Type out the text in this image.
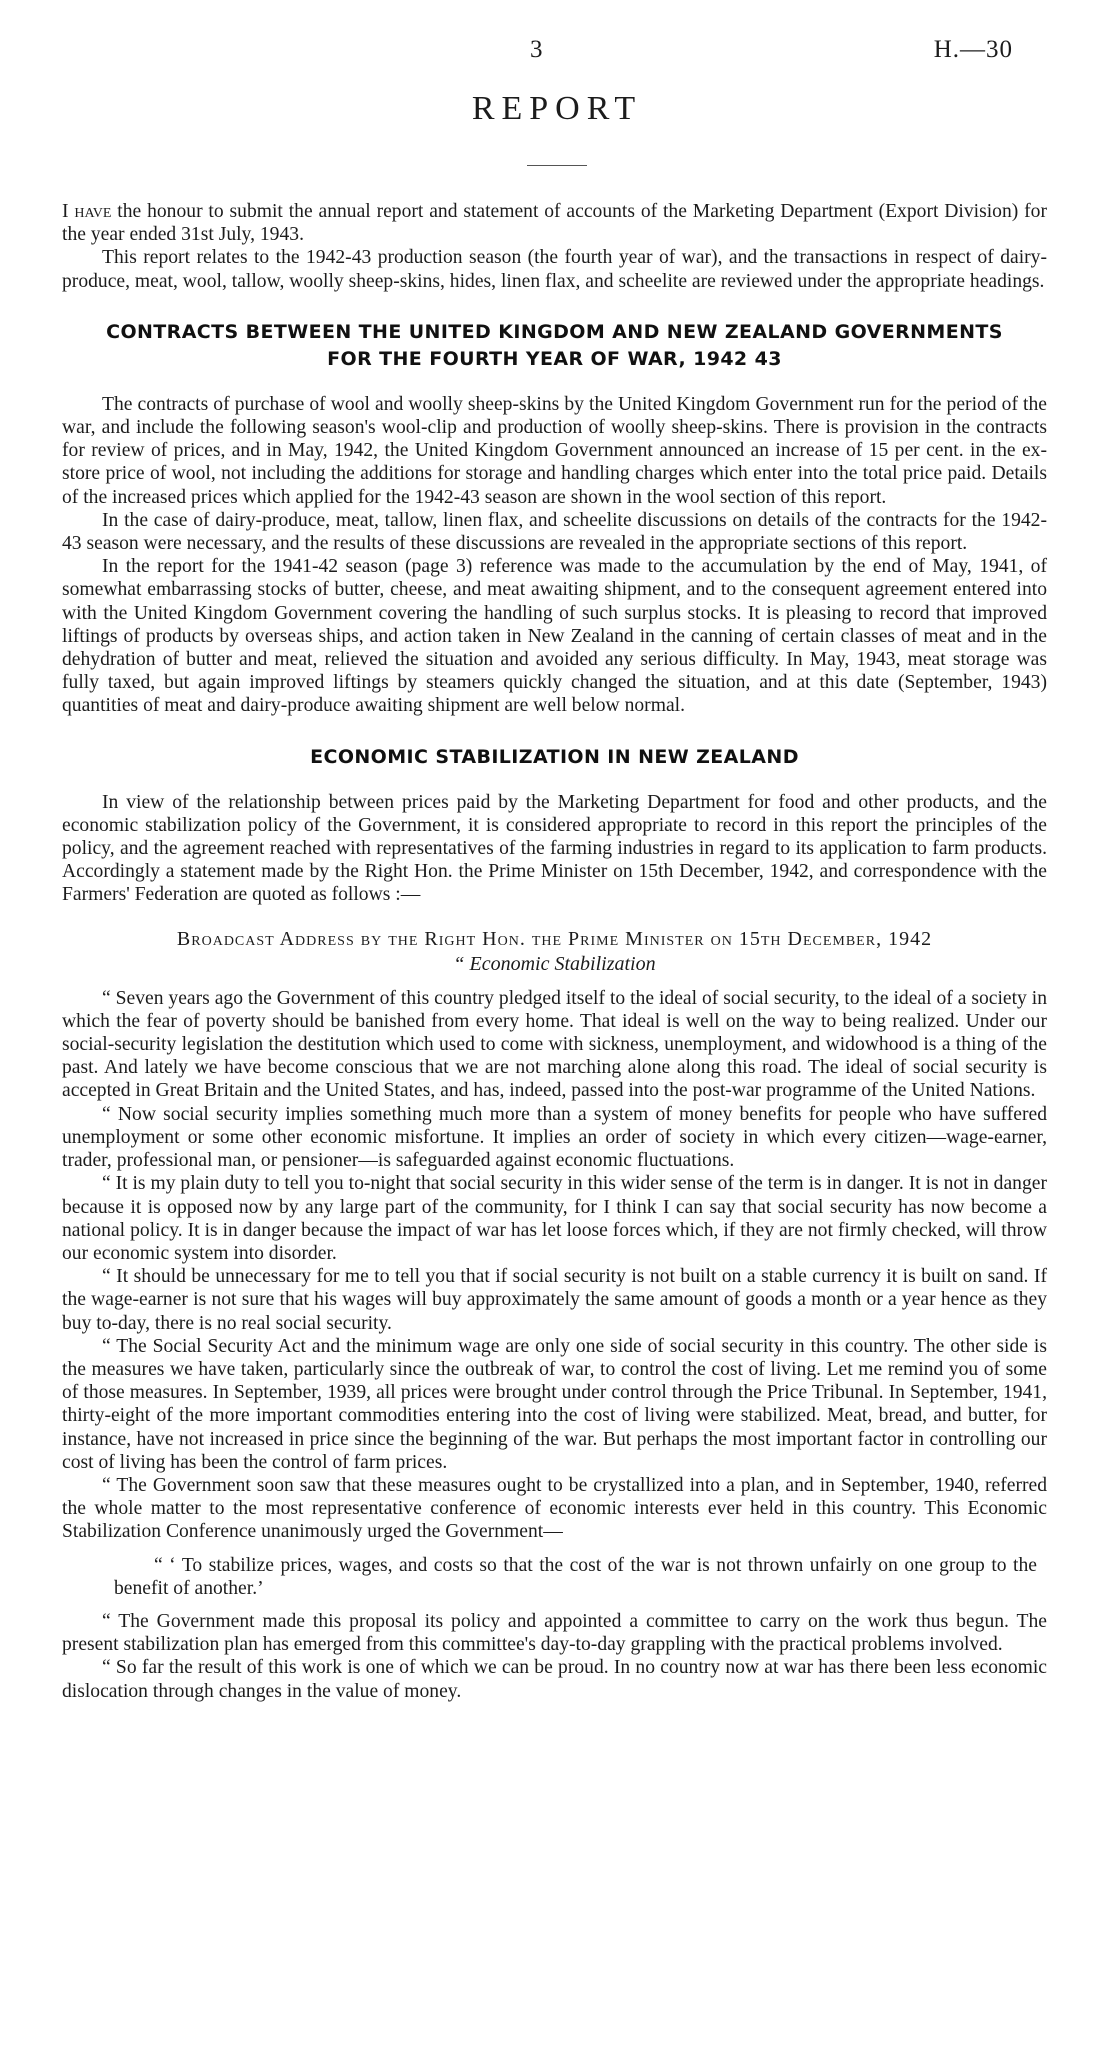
3	H.—30
REPORT

I have the honour to submit the annual report and statement of accounts of the Marketing Department (Export Division) for the year ended 31st July, 1943.

This report relates to the 1942-43 production season (the fourth year of war), and the transactions in respect of dairy-produce, meat, wool, tallow, woolly sheep-skins, hides, linen flax, and scheelite are reviewed under the appropriate headings.

CONTRACTS BETWEEN THE UNITED KINGDOM AND NEW ZEALAND GOVERNMENTS
FOR THE FOURTH YEAR OF WAR, 1942 43

The contracts of purchase of wool and woolly sheep-skins by the United Kingdom Government run for the period of the war, and include the following season's wool-clip and production of woolly sheep-skins. There is provision in the contracts for review of prices, and in May, 1942, the United Kingdom Government announced an increase of 15 per cent. in the ex-store price of wool, not including the additions for storage and handling charges which enter into the total price paid. Details of the increased prices which applied for the 1942-43 season are shown in the wool section of this report.

In the case of dairy-produce, meat, tallow, linen flax, and scheelite discussions on details of the contracts for the 1942-43 season were necessary, and the results of these discussions are revealed in the appropriate sections of this report.

In the report for the 1941-42 season (page 3) reference was made to the accumulation by the end of May, 1941, of somewhat embarrassing stocks of butter, cheese, and meat awaiting shipment, and to the consequent agreement entered into with the United Kingdom Government covering the handling of such surplus stocks. It is pleasing to record that improved liftings of products by overseas ships, and action taken in New Zealand in the canning of certain classes of meat and in the dehydration of butter and meat, relieved the situation and avoided any serious difficulty. In May, 1943, meat storage was fully taxed, but again improved liftings by steamers quickly changed the situation, and at this date (September, 1943) quantities of meat and dairy-produce awaiting shipment are well below normal.

ECONOMIC STABILIZATION IN NEW ZEALAND

In view of the relationship between prices paid by the Marketing Department for food and other products, and the economic stabilization policy of the Government, it is considered appropriate to record in this report the principles of the policy, and the agreement reached with representatives of the farming industries in regard to its application to farm products. Accordingly a statement made by the Right Hon. the Prime Minister on 15th December, 1942, and correspondence with the Farmers' Federation are quoted as follows :—

Broadcast Address by the Right Hon. the Prime Minister on 15th December, 1942
“ Economic Stabilization

“ Seven years ago the Government of this country pledged itself to the ideal of social security, to the ideal of a society in which the fear of poverty should be banished from every home. That ideal is well on the way to being realized. Under our social-security legislation the destitution which used to come with sickness, unemployment, and widowhood is a thing of the past. And lately we have become conscious that we are not marching alone along this road. The ideal of social security is accepted in Great Britain and the United States, and has, indeed, passed into the post-war programme of the United Nations.

“ Now social security implies something much more than a system of money benefits for people who have suffered unemployment or some other economic misfortune. It implies an order of society in which every citizen—wage-earner, trader, professional man, or pensioner—is safeguarded against economic fluctuations.

“ It is my plain duty to tell you to-night that social security in this wider sense of the term is in danger. It is not in danger because it is opposed now by any large part of the community, for I think I can say that social security has now become a national policy. It is in danger because the impact of war has let loose forces which, if they are not firmly checked, will throw our economic system into disorder.

“ It should be unnecessary for me to tell you that if social security is not built on a stable currency it is built on sand. If the wage-earner is not sure that his wages will buy approximately the same amount of goods a month or a year hence as they buy to-day, there is no real social security.

“ The Social Security Act and the minimum wage are only one side of social security in this country. The other side is the measures we have taken, particularly since the outbreak of war, to control the cost of living. Let me remind you of some of those measures. In September, 1939, all prices were brought under control through the Price Tribunal. In September, 1941, thirty-eight of the more important commodities entering into the cost of living were stabilized. Meat, bread, and butter, for instance, have not increased in price since the beginning of the war. But perhaps the most important factor in controlling our cost of living has been the control of farm prices.

“ The Government soon saw that these measures ought to be crystallized into a plan, and in September, 1940, referred the whole matter to the most representative conference of economic interests ever held in this country. This Economic Stabilization Conference unanimously urged the Government—

“ ‘ To stabilize prices, wages, and costs so that the cost of the war is not thrown unfairly on one group to the benefit of another.’

“ The Government made this proposal its policy and appointed a committee to carry on the work thus begun. The present stabilization plan has emerged from this committee's day-to-day grappling with the practical problems involved.

“ So far the result of this work is one of which we can be proud. In no country now at war has there been less economic dislocation through changes in the value of money.
